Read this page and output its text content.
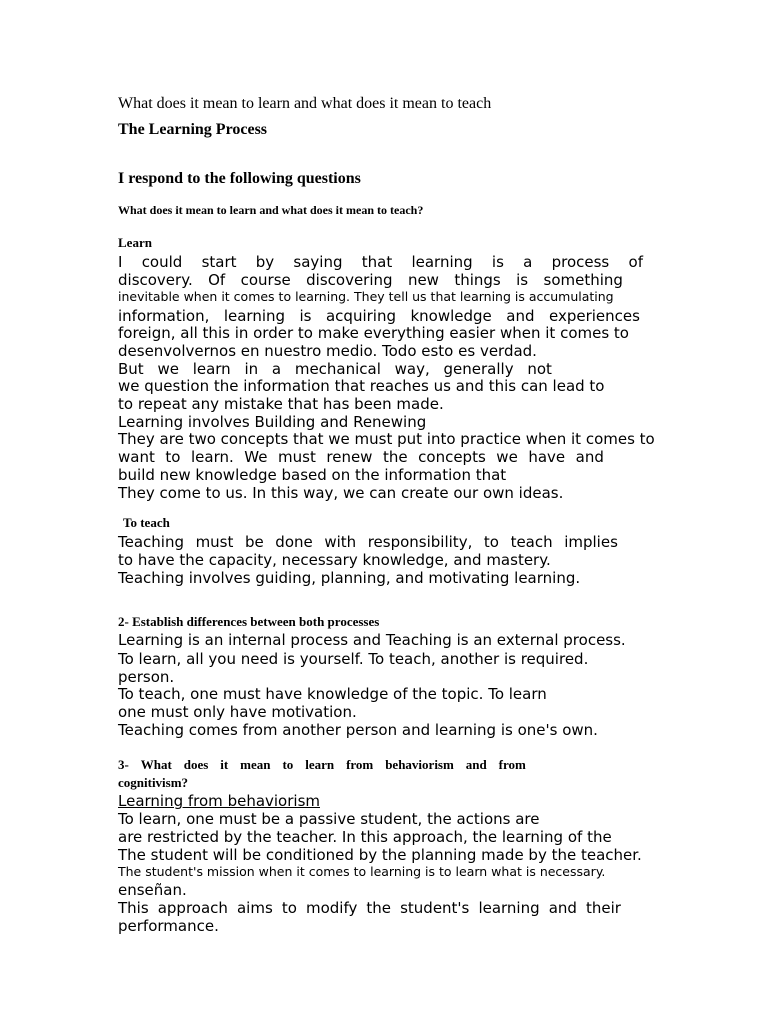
What does it mean to learn and what does it mean to teach
The Learning Process
I respond to the following questions
What does it mean to learn and what does it mean to teach?
Learn
I could start by saying that learning is a process of
discovery. Of course discovering new things is something
inevitable when it comes to learning. They tell us that learning is accumulating
information, learning is acquiring knowledge and experiences
foreign, all this in order to make everything easier when it comes to
desenvolvernos en nuestro medio. Todo esto es verdad.
But we learn in a mechanical way, generally not
we question the information that reaches us and this can lead to
to repeat any mistake that has been made.
Learning involves Building and Renewing
They are two concepts that we must put into practice when it comes to
want to learn. We must renew the concepts we have and
build new knowledge based on the information that
They come to us. In this way, we can create our own ideas.
To teach
Teaching must be done with responsibility, to teach implies
to have the capacity, necessary knowledge, and mastery.
Teaching involves guiding, planning, and motivating learning.
2- Establish differences between both processes
Learning is an internal process and Teaching is an external process.
To learn, all you need is yourself. To teach, another is required.
person.
To teach, one must have knowledge of the topic. To learn
one must only have motivation.
Teaching comes from another person and learning is one's own.
3- What does it mean to learn from behaviorism and from
cognitivism?
Learning from behaviorism
To learn, one must be a passive student, the actions are
are restricted by the teacher. In this approach, the learning of the
The student will be conditioned by the planning made by the teacher.
The student's mission when it comes to learning is to learn what is necessary.
enseñan.
This approach aims to modify the student's learning and their
performance.
